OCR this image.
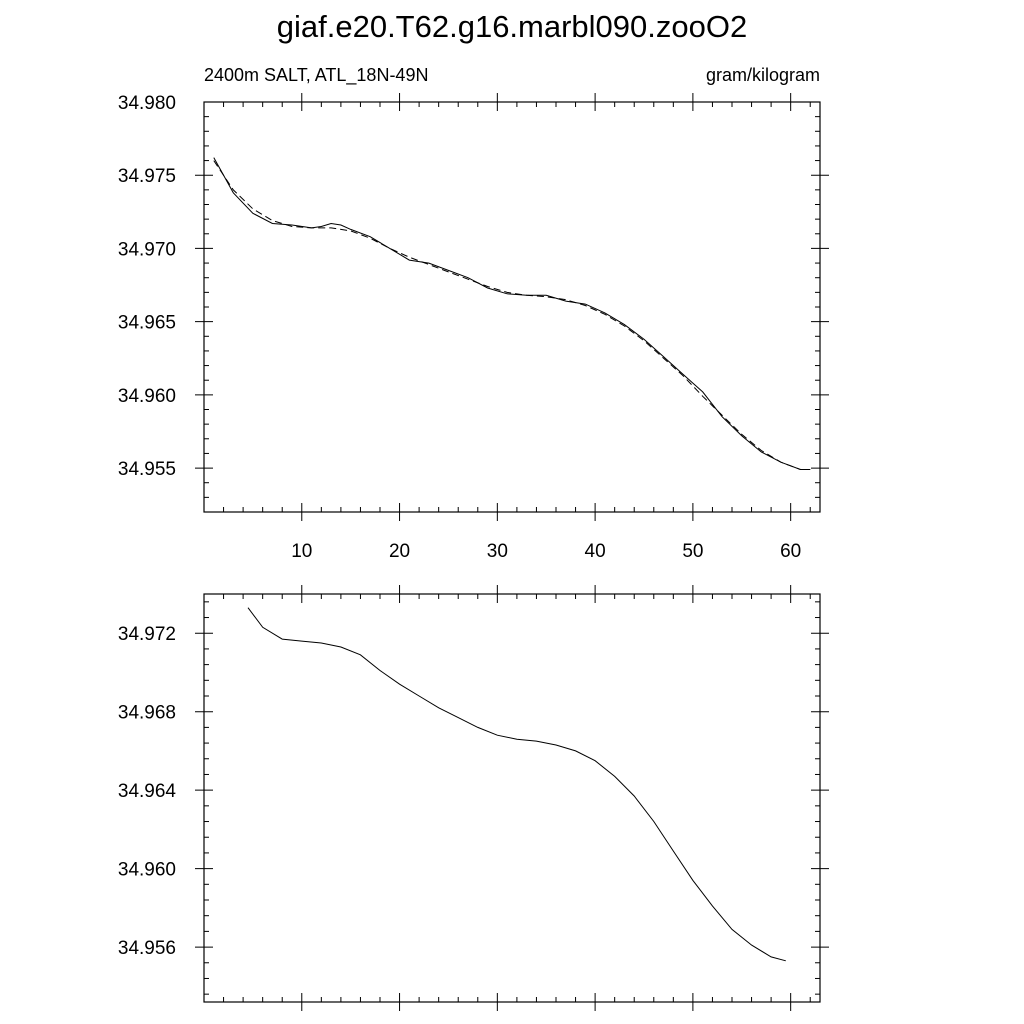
giaf.e20.T62.g16.marbl090.zooO2
2400m SALT, ATL_18N-49N	gram/kilogram
10	20	30	40	50	60
34.955
34.960
34.965
34.970
34.975
34.980
34.956
34.960
34.964
34.968
34.972
